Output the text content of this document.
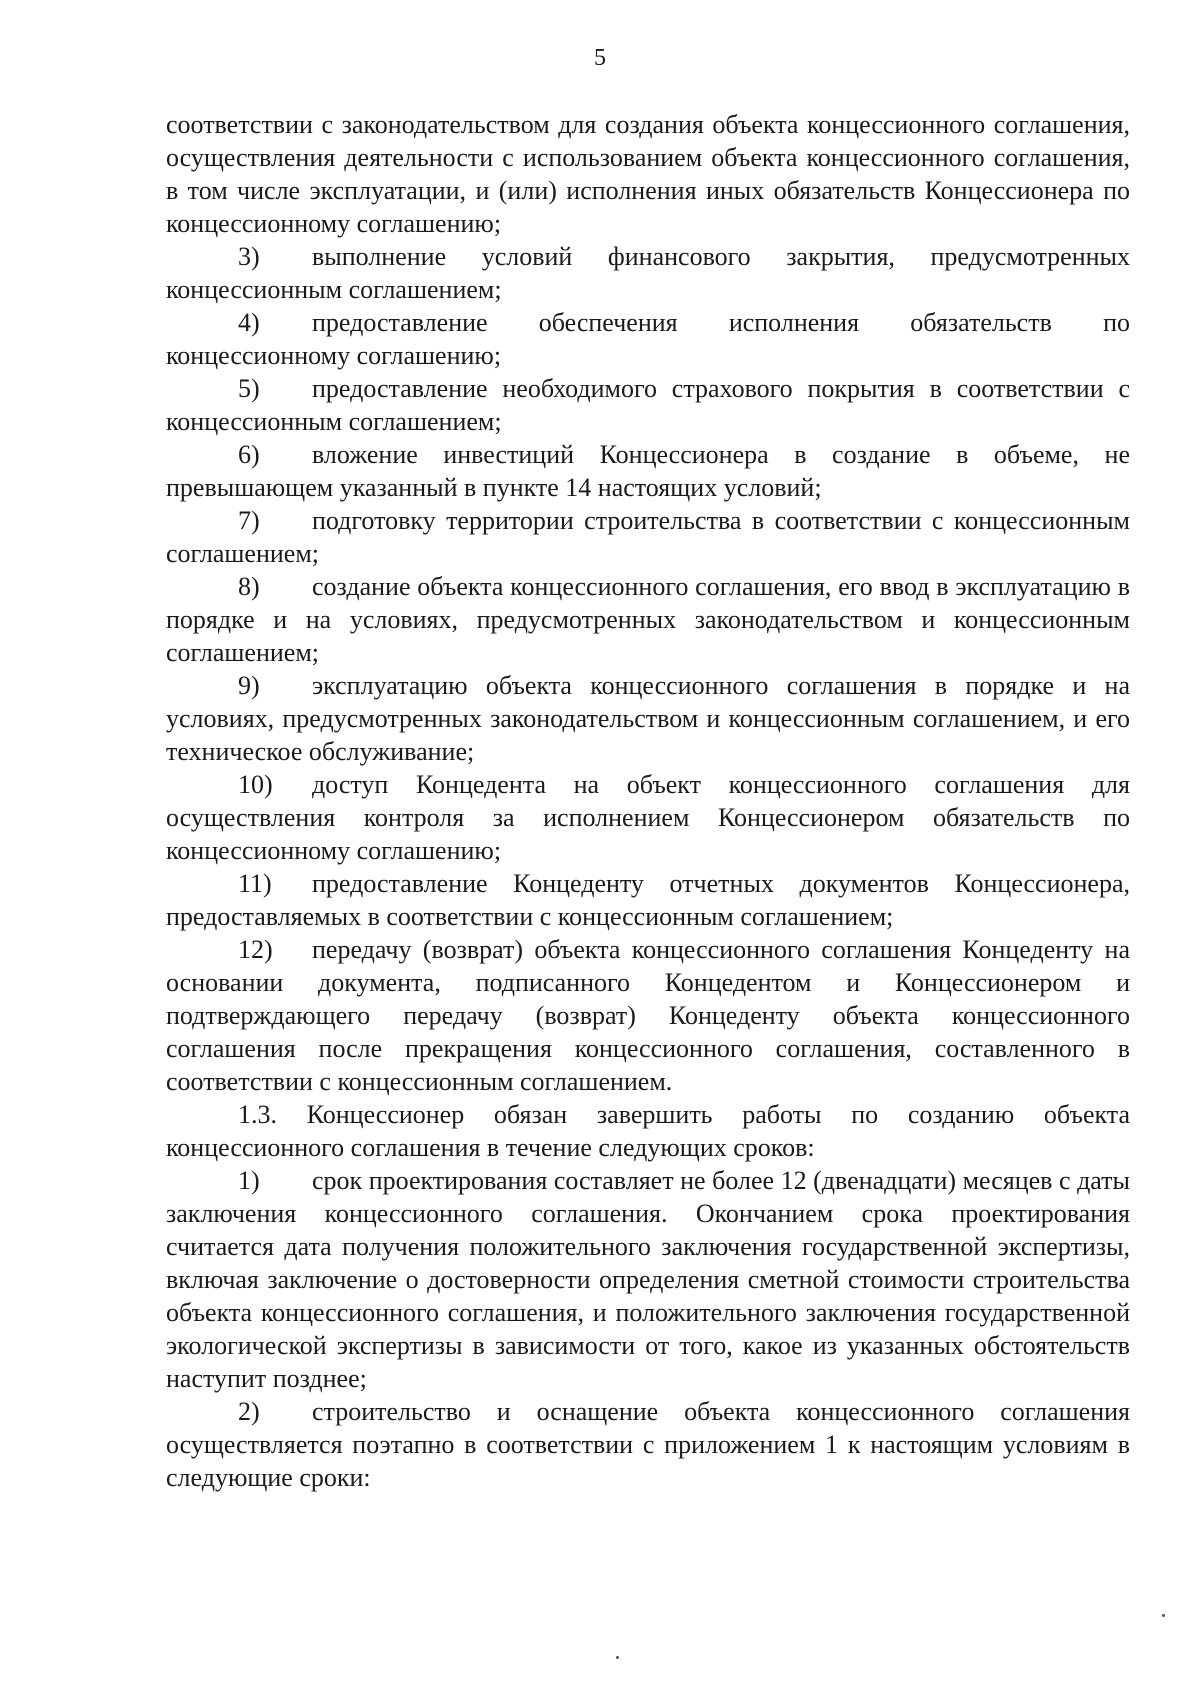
5

соответствии с законодательством для создания объекта концессионного соглашения, осуществления деятельности с использованием объекта концессионного соглашения, в том числе эксплуатации, и (или) исполнения иных обязательств Концессионера по концессионному соглашению;

3) выполнение условий финансового закрытия, предусмотренных концессионным соглашением;

4) предоставление обеспечения исполнения обязательств по концессионному соглашению;

5) предоставление необходимого страхового покрытия в соответствии с концессионным соглашением;

6) вложение инвестиций Концессионера в создание в объеме, не превышающем указанный в пункте 14 настоящих условий;

7) подготовку территории строительства в соответствии с концессионным соглашением;

8) создание объекта концессионного соглашения, его ввод в эксплуатацию в порядке и на условиях, предусмотренных законодательством и концессионным соглашением;

9) эксплуатацию объекта концессионного соглашения в порядке и на условиях, предусмотренных законодательством и концессионным соглашением, и его техническое обслуживание;

10) доступ Концедента на объект концессионного соглашения для осуществления контроля за исполнением Концессионером обязательств по концессионному соглашению;

11) предоставление Концеденту отчетных документов Концессионера, предоставляемых в соответствии с концессионным соглашением;

12) передачу (возврат) объекта концессионного соглашения Концеденту на основании документа, подписанного Концедентом и Концессионером и подтверждающего передачу (возврат) Концеденту объекта концессионного соглашения после прекращения концессионного соглашения, составленного в соответствии с концессионным соглашением.

1.3. Концессионер обязан завершить работы по созданию объекта концессионного соглашения в течение следующих сроков:

1) срок проектирования составляет не более 12 (двенадцати) месяцев с даты заключения концессионного соглашения. Окончанием срока проектирования считается дата получения положительного заключения государственной экспертизы, включая заключение о достоверности определения сметной стоимости строительства объекта концессионного соглашения, и положительного заключения государственной экологической экспертизы в зависимости от того, какое из указанных обстоятельств наступит позднее;

2) строительство и оснащение объекта концессионного соглашения осуществляется поэтапно в соответствии с приложением 1 к настоящим условиям в следующие сроки:
